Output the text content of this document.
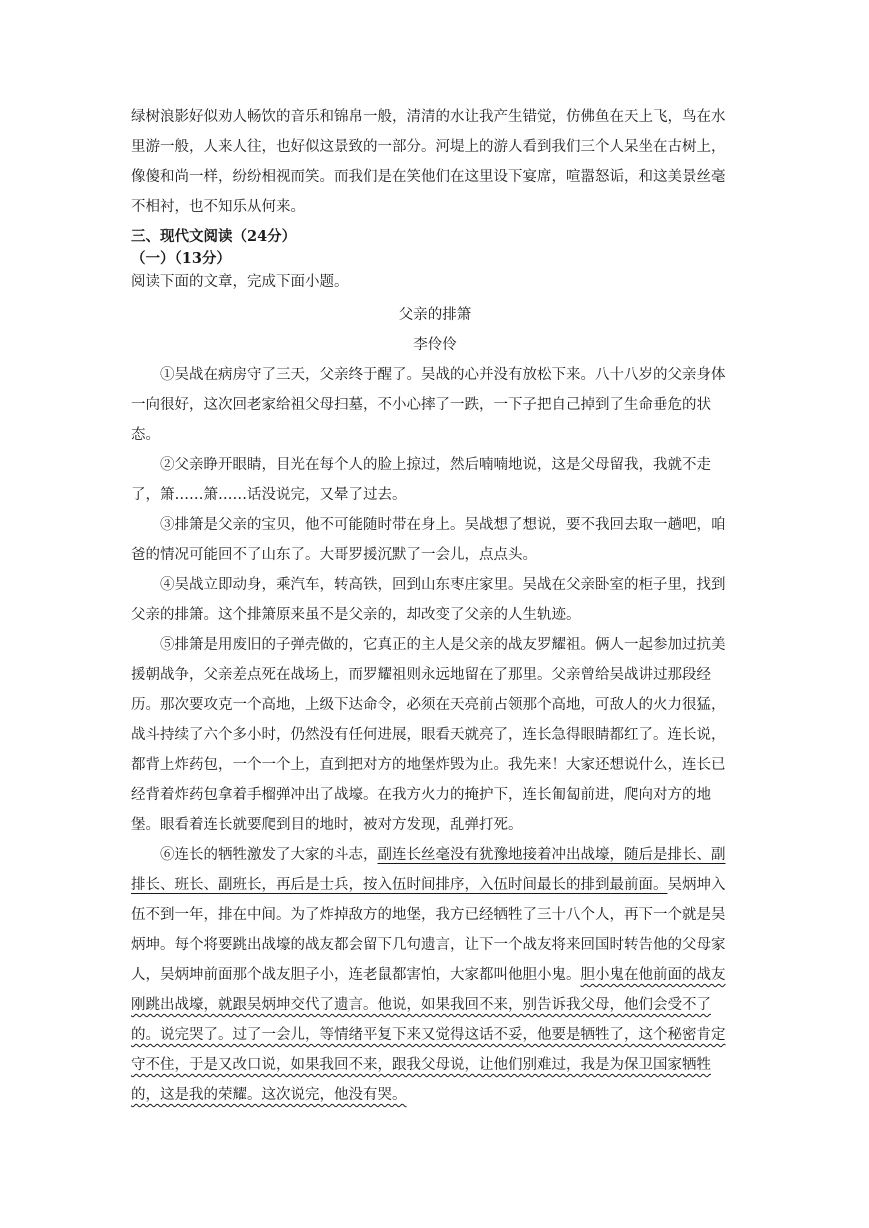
绿树浪影好似劝人畅饮的音乐和锦帛一般，清清的水让我产生错觉，仿佛鱼在天上飞，鸟在水里游一般，人来人往，也好似这景致的一部分。河堤上的游人看到我们三个人呆坐在古树上，像傻和尚一样，纷纷相视而笑。而我们是在笑他们在这里设下宴席，喧嚣怒诟，和这美景丝毫不相衬，也不知乐从何来。

三、现代文阅读（24分）

（一）（13分）

阅读下面的文章，完成下面小题。

父亲的排箫

李伶伶

①吴战在病房守了三天，父亲终于醒了。吴战的心并没有放松下来。八十八岁的父亲身体一向很好，这次回老家给祖父母扫墓，不小心摔了一跌，一下子把自己掉到了生命垂危的状态。

②父亲睁开眼睛，目光在每个人的脸上掠过，然后喃喃地说，这是父母留我，我就不走了，箫……箫……话没说完，又晕了过去。

③排箫是父亲的宝贝，他不可能随时带在身上。吴战想了想说，要不我回去取一趟吧，咱爸的情况可能回不了山东了。大哥罗援沉默了一会儿，点点头。

④吴战立即动身，乘汽车，转高铁，回到山东枣庄家里。吴战在父亲卧室的柜子里，找到父亲的排箫。这个排箫原来虽不是父亲的，却改变了父亲的人生轨迹。

⑤排箫是用废旧的子弹壳做的，它真正的主人是父亲的战友罗耀祖。俩人一起参加过抗美援朝战争，父亲差点死在战场上，而罗耀祖则永远地留在了那里。父亲曾给吴战讲过那段经历。那次要攻克一个高地，上级下达命令，必须在天亮前占领那个高地，可敌人的火力很猛，战斗持续了六个多小时，仍然没有任何进展，眼看天就亮了，连长急得眼睛都红了。连长说，都背上炸药包，一个一个上，直到把对方的地堡炸毁为止。我先来！大家还想说什么，连长已经背着炸药包拿着手榴弹冲出了战壕。在我方火力的掩护下，连长匍匐前进，爬向对方的地堡。眼看着连长就要爬到目的地时，被对方发现，乱弹打死。

⑥连长的牺牲激发了大家的斗志，副连长丝毫没有犹豫地接着冲出战壕，随后是排长、副排长、班长、副班长，再后是士兵，按入伍时间排序，入伍时间最长的排到最前面。吴炳坤入伍不到一年，排在中间。为了炸掉敌方的地堡，我方已经牺牲了三十八个人，再下一个就是吴炳坤。每个将要跳出战壕的战友都会留下几句遗言，让下一个战友将来回国时转告他的父母家人，吴炳坤前面那个战友胆子小，连老鼠都害怕，大家都叫他胆小鬼。胆小鬼在他前面的战友刚跳出战壕，就跟吴炳坤交代了遗言。他说，如果我回不来，别告诉我父母，他们会受不了的。说完哭了。过了一会儿，等情绪平复下来又觉得这话不妥，他要是牺牲了，这个秘密肯定守不住，于是又改口说，如果我回不来，跟我父母说，让他们别难过，我是为保卫国家牺牲的，这是我的荣耀。这次说完，他没有哭。
